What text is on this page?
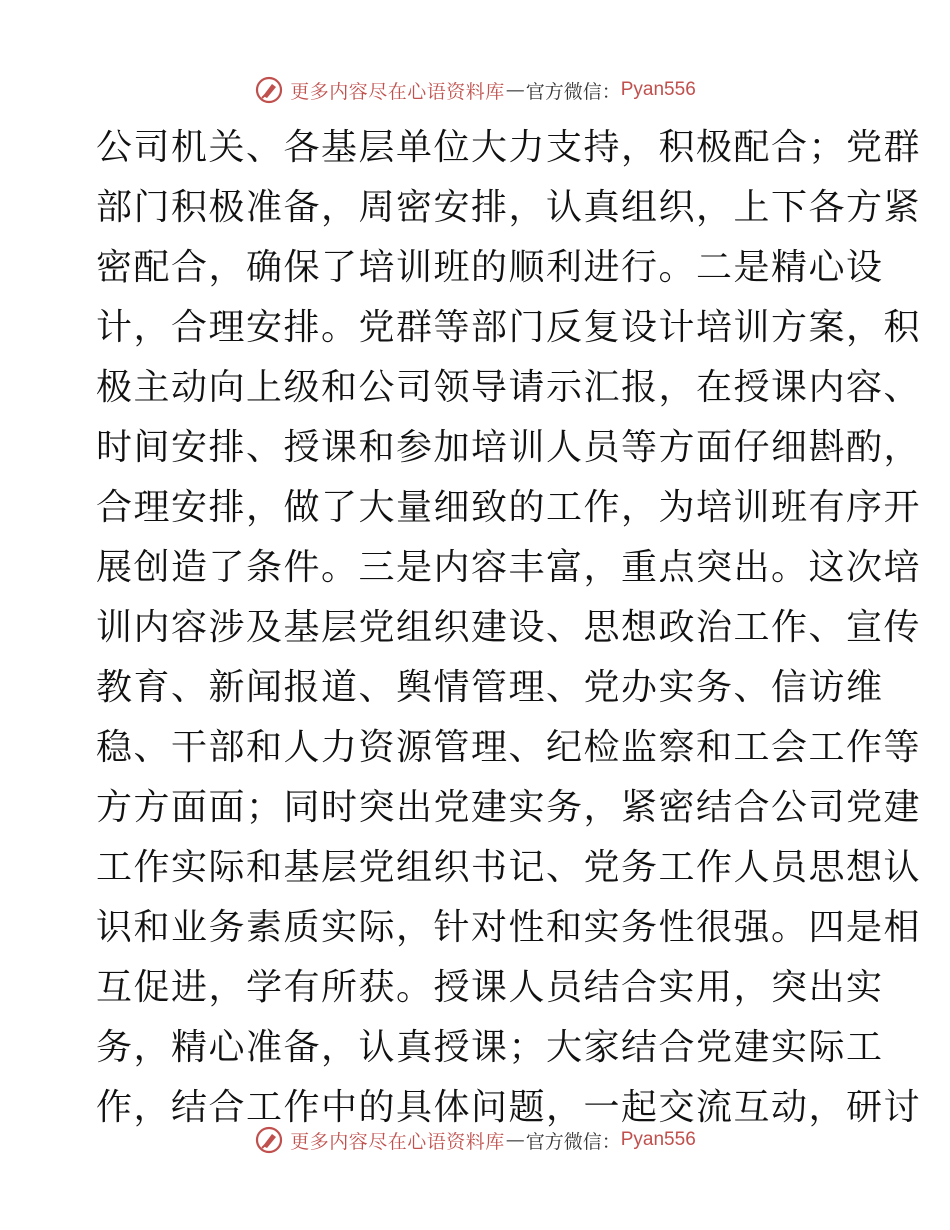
更多内容尽在心语资料库 — 官方微信： Pyan556
公司机关、各基层单位大力支持，积极配合；党群
部门积极准备，周密安排，认真组织，上下各方紧
密配合，确保了培训班的顺利进行。二是精心设
计，合理安排。党群等部门反复设计培训方案，积
极主动向上级和公司领导请示汇报，在授课内容、
时间安排、授课和参加培训人员等方面仔细斟酌，
合理安排，做了大量细致的工作，为培训班有序开
展创造了条件。三是内容丰富，重点突出。这次培
训内容涉及基层党组织建设、思想政治工作、宣传
教育、新闻报道、舆情管理、党办实务、信访维
稳、干部和人力资源管理、纪检监察和工会工作等
方方面面；同时突出党建实务，紧密结合公司党建
工作实际和基层党组织书记、党务工作人员思想认
识和业务素质实际，针对性和实务性很强。四是相
互促进，学有所获。授课人员结合实用，突出实
务，精心准备，认真授课；大家结合党建实际工
作，结合工作中的具体问题，一起交流互动，研讨
更多内容尽在心语资料库 — 官方微信： Pyan556
